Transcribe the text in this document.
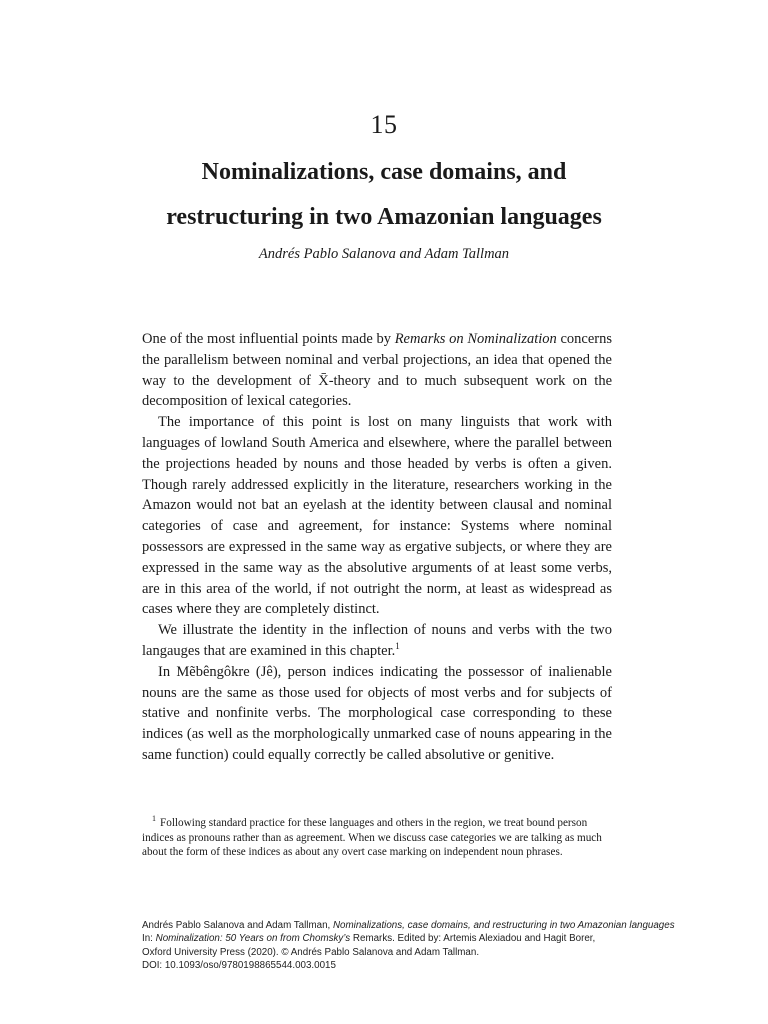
15
Nominalizations, case domains, and
restructuring in two Amazonian languages
Andrés Pablo Salanova and Adam Tallman

One of the most influential points made by Remarks on Nominalization concerns the parallelism between nominal and verbal projections, an idea that opened the way to the development of X̄-theory and to much subsequent work on the decomposition of lexical categories.

The importance of this point is lost on many linguists that work with languages of lowland South America and elsewhere, where the parallel between the projections headed by nouns and those headed by verbs is often a given. Though rarely addressed explicitly in the literature, researchers working in the Amazon would not bat an eyelash at the identity between clausal and nominal categories of case and agreement, for instance: Systems where nominal possessors are expressed in the same way as ergative subjects, or where they are expressed in the same way as the absolutive arguments of at least some verbs, are in this area of the world, if not outright the norm, at least as widespread as cases where they are completely distinct.

We illustrate the identity in the inflection of nouns and verbs with the two langauges that are examined in this chapter.$^1$

In Mẽbêngôkre (Jê), person indices indicating the possessor of inalienable nouns are the same as those used for objects of most verbs and for subjects of stative and nonfinite verbs. The morphological case corresponding to these indices (as well as the morphologically unmarked case of nouns appearing in the same function) could equally correctly be called absolutive or genitive.

$^1$ Following standard practice for these languages and others in the region, we treat bound person indices as pronouns rather than as agreement. When we discuss case categories we are talking as much about the form of these indices as about any overt case marking on independent noun phrases.
Andrés Pablo Salanova and Adam Tallman, Nominalizations, case domains, and restructuring in two Amazonian languages
In: Nominalization: 50 Years on from Chomsky’s Remarks. Edited by: Artemis Alexiadou and Hagit Borer,
Oxford University Press (2020). © Andrés Pablo Salanova and Adam Tallman.
DOI: 10.1093/oso/9780198865544.003.0015
